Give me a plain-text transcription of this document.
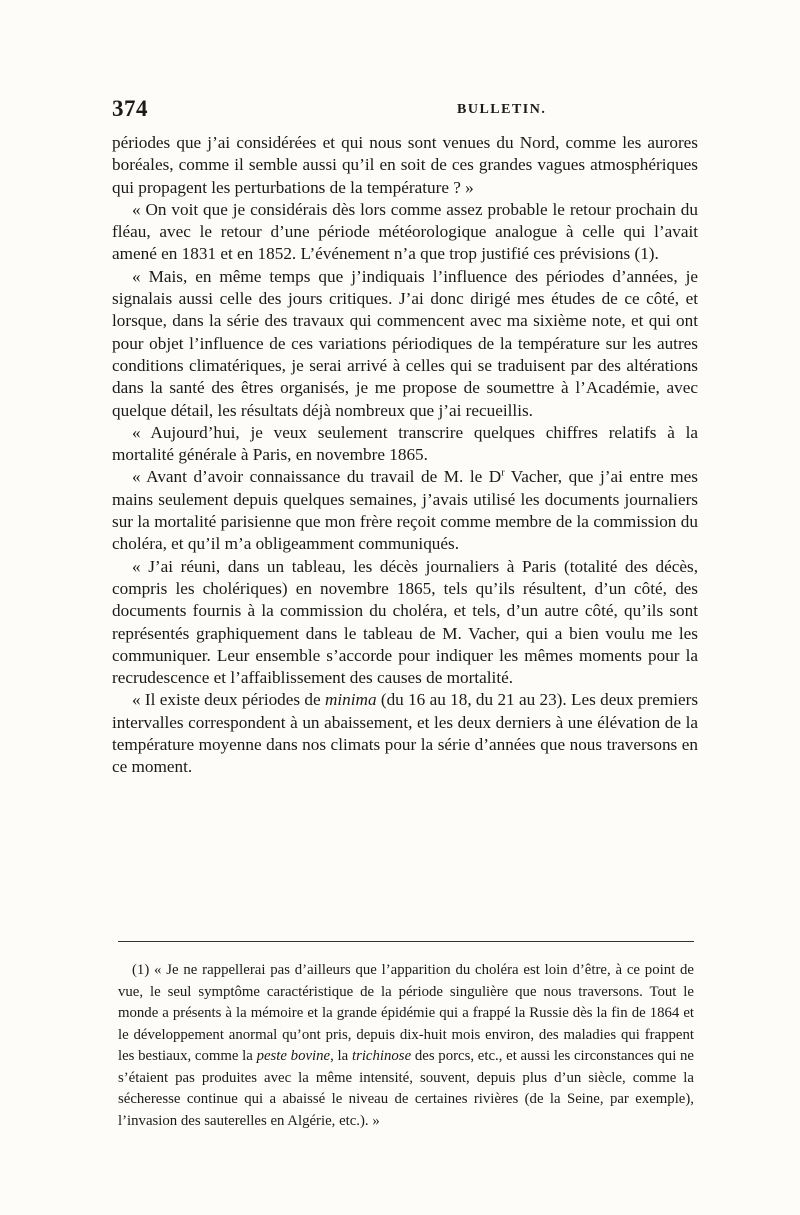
374	BULLETIN.

périodes que j’ai considérées et qui nous sont venues du Nord, comme les aurores boréales, comme il semble aussi qu’il en soit de ces grandes vagues atmosphériques qui propagent les perturbations de la température ? »

« On voit que je considérais dès lors comme assez probable le retour prochain du fléau, avec le retour d’une période météorologique analogue à celle qui l’avait amené en 1831 et en 1852. L’événement n’a que trop justifié ces prévisions (1).

« Mais, en même temps que j’indiquais l’influence des périodes d’années, je signalais aussi celle des jours critiques. J’ai donc dirigé mes études de ce côté, et lorsque, dans la série des travaux qui commencent avec ma sixième note, et qui ont pour objet l’influence de ces variations périodiques de la température sur les autres conditions climatériques, je serai arrivé à celles qui se traduisent par des altérations dans la santé des êtres organisés, je me propose de soumettre à l’Académie, avec quelque détail, les résultats déjà nombreux que j’ai recueillis.

« Aujourd’hui, je veux seulement transcrire quelques chiffres relatifs à la mortalité générale à Paris, en novembre 1865.

« Avant d’avoir connaissance du travail de M. le $D^r$ Vacher, que j’ai entre mes mains seulement depuis quelques semaines, j’avais utilisé les documents journaliers sur la mortalité parisienne que mon frère reçoit comme membre de la commission du choléra, et qu’il m’a obligeamment communiqués.

« J’ai réuni, dans un tableau, les décès journaliers à Paris (totalité des décès, compris les cholériques) en novembre 1865, tels qu’ils résultent, d’un côté, des documents fournis à la commission du choléra, et tels, d’un autre côté, qu’ils sont représentés graphiquement dans le tableau de M. Vacher, qui a bien voulu me les communiquer. Leur ensemble s’accorde pour indiquer les mêmes moments pour la recrudescence et l’affaiblissement des causes de mortalité.

« Il existe deux périodes de minima (du 16 au 18, du 21 au 23). Les deux premiers intervalles correspondent à un abaissement, et les deux derniers à une élévation de la température moyenne dans nos climats pour la série d’années que nous traversons en ce moment.

(1) « Je ne rappellerai pas d’ailleurs que l’apparition du choléra est loin d’être, à ce point de vue, le seul symptôme caractéristique de la période singulière que nous traversons. Tout le monde a présents à la mémoire et la grande épidémie qui a frappé la Russie dès la fin de 1864 et le développement anormal qu’ont pris, depuis dix-huit mois environ, des maladies qui frappent les bestiaux, comme la peste bovine, la trichinose des porcs, etc., et aussi les circonstances qui ne s’étaient pas produites avec la même intensité, souvent, depuis plus d’un siècle, comme la sécheresse continue qui a abaissé le niveau de certaines rivières (de la Seine, par exemple), l’invasion des sauterelles en Algérie, etc.). »
